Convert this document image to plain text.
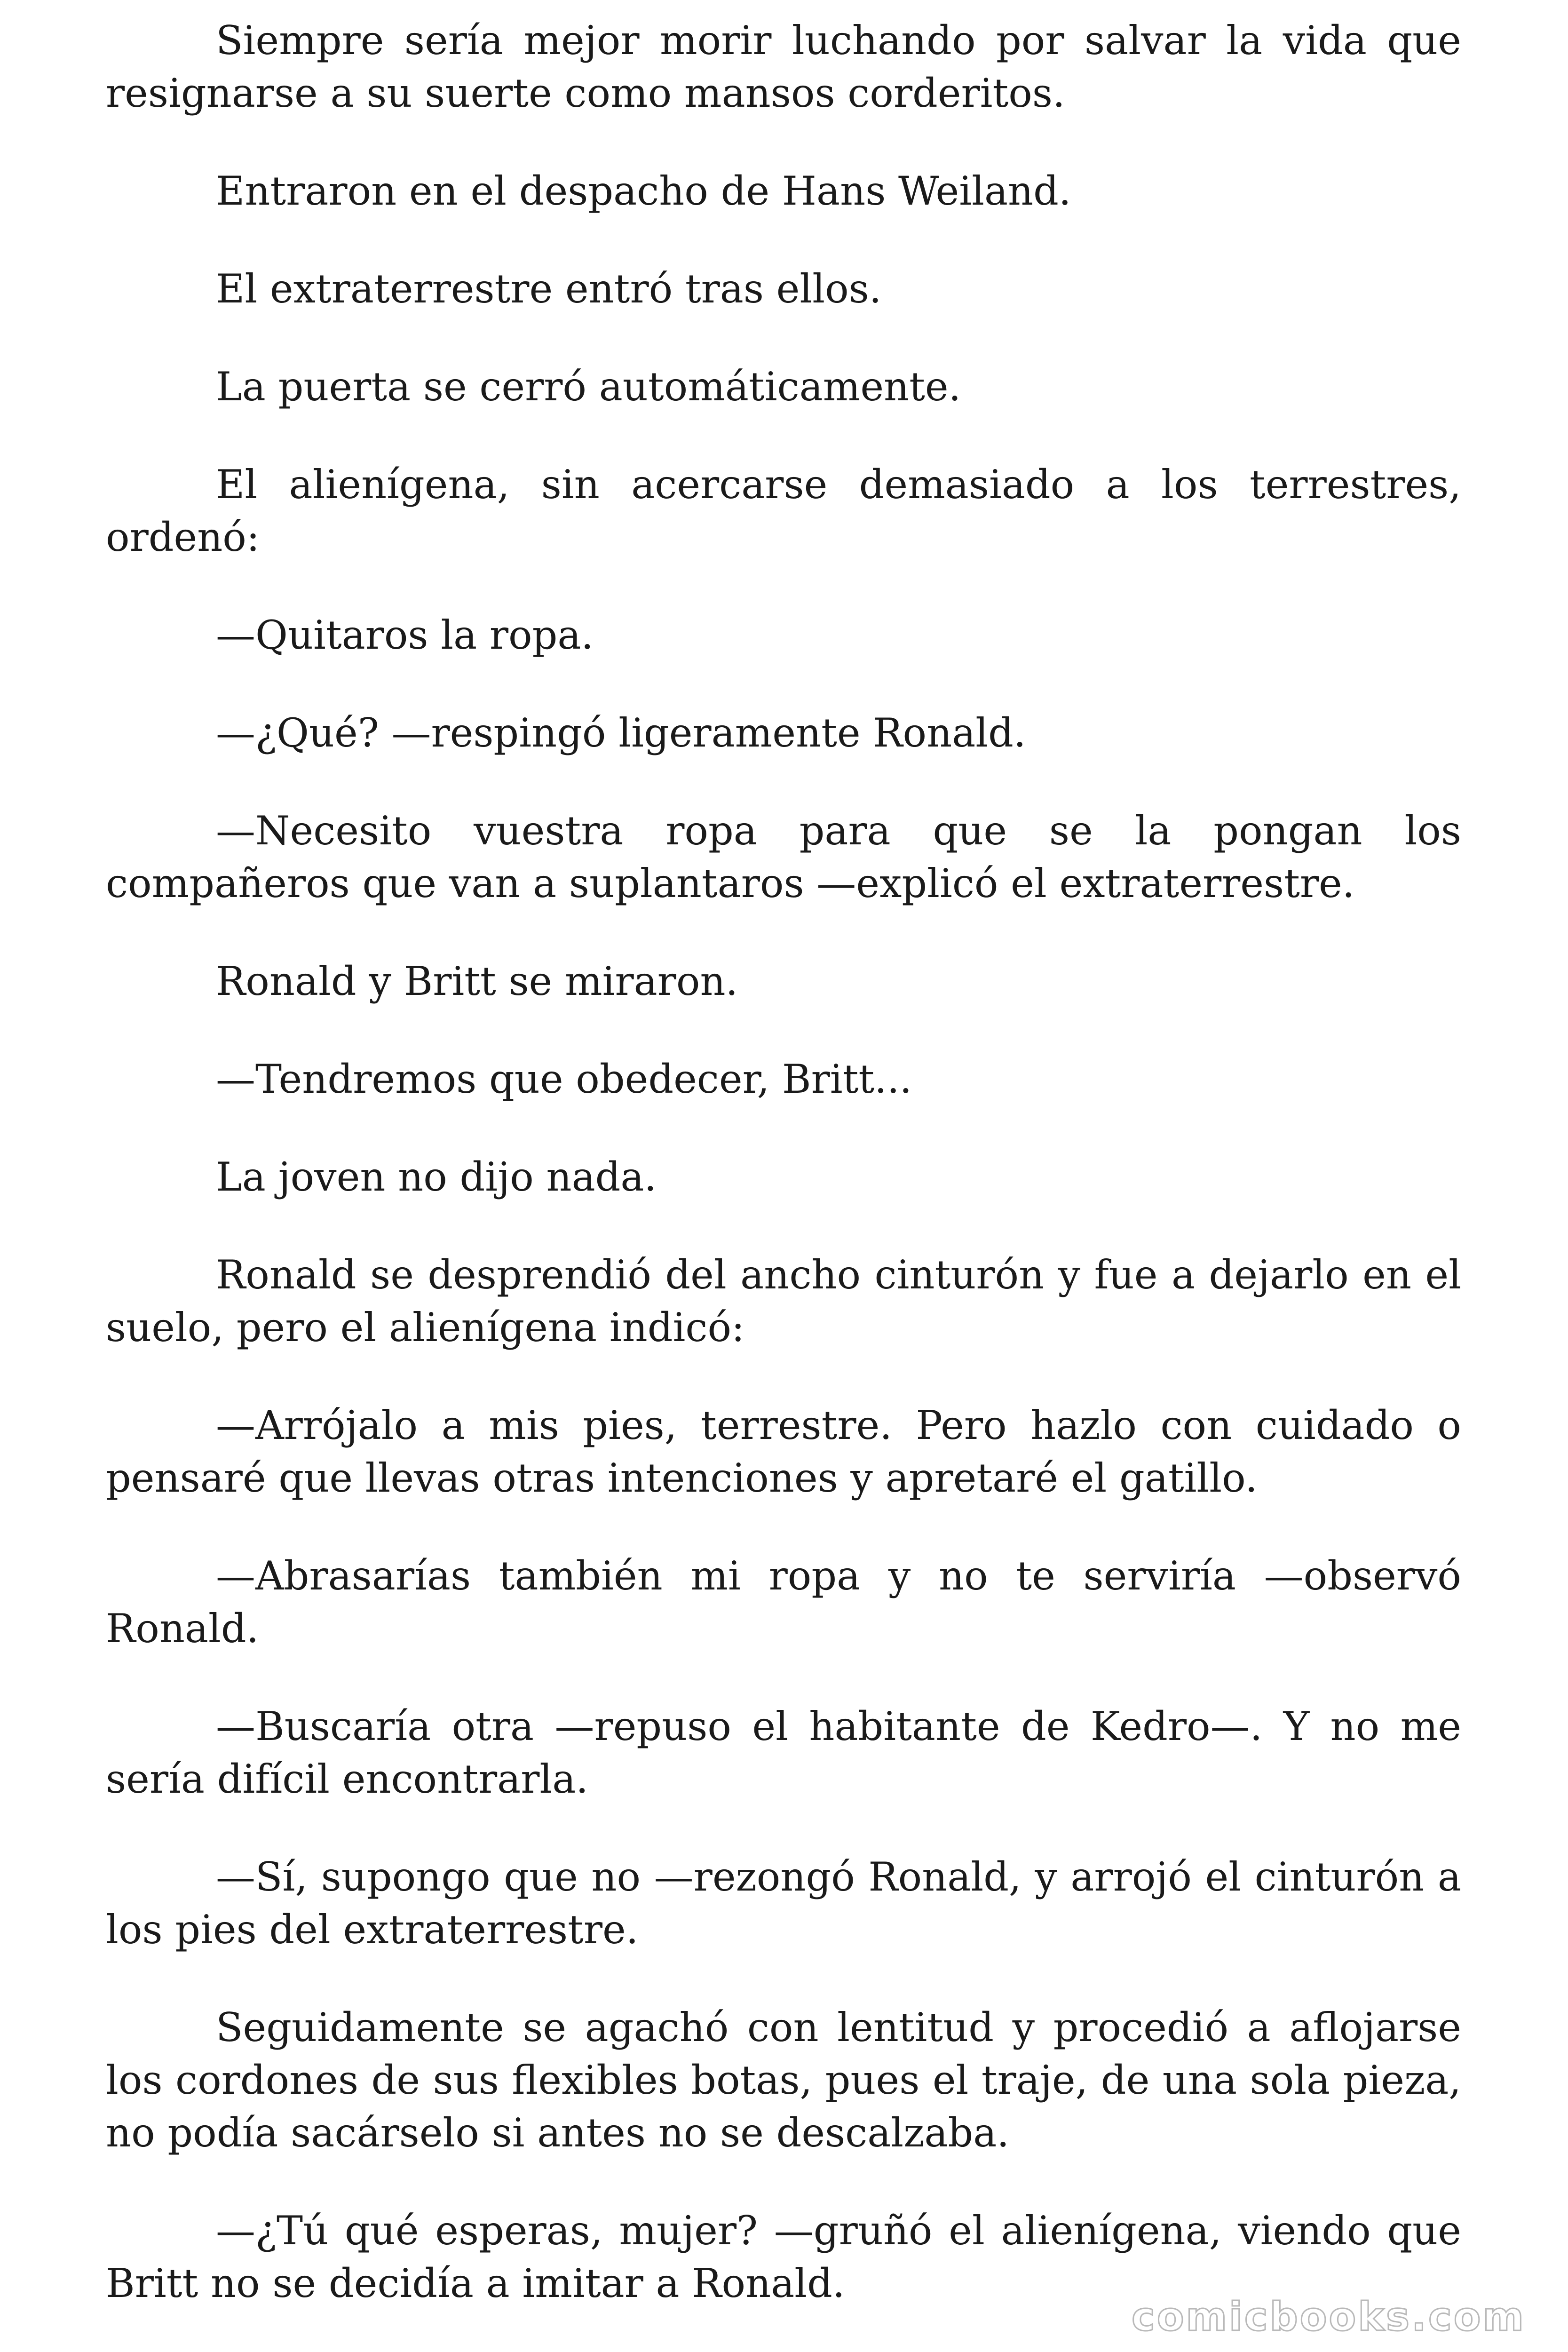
Siempre sería mejor morir luchando por salvar la vida que resignarse a su suerte como mansos corderitos.

Entraron en el despacho de Hans Weiland.

El extraterrestre entró tras ellos.

La puerta se cerró automáticamente.

El alienígena, sin acercarse demasiado a los terrestres, ordenó:

—Quitaros la ropa.

—¿Qué? —respingó ligeramente Ronald.

—Necesito vuestra ropa para que se la pongan los compañeros que van a suplantaros —explicó el extraterrestre.

Ronald y Britt se miraron.

—Tendremos que obedecer, Britt...

La joven no dijo nada.

Ronald se desprendió del ancho cinturón y fue a dejarlo en el suelo, pero el alienígena indicó:

—Arrójalo a mis pies, terrestre. Pero hazlo con cuidado o pensaré que llevas otras intenciones y apretaré el gatillo.

—Abrasarías también mi ropa y no te serviría —observó Ronald.

—Buscaría otra —repuso el habitante de Kedro—. Y no me sería difícil encontrarla.

—Sí, supongo que no —rezongó Ronald, y arrojó el cinturón a los pies del extraterrestre.

Seguidamente se agachó con lentitud y procedió a aflojarse los cordones de sus flexibles botas, pues el traje, de una sola pieza, no podía sacárselo si antes no se descalzaba.

—¿Tú qué esperas, mujer? —gruñó el alienígena, viendo que Britt no se decidía a imitar a Ronald.

comicbooks.com
